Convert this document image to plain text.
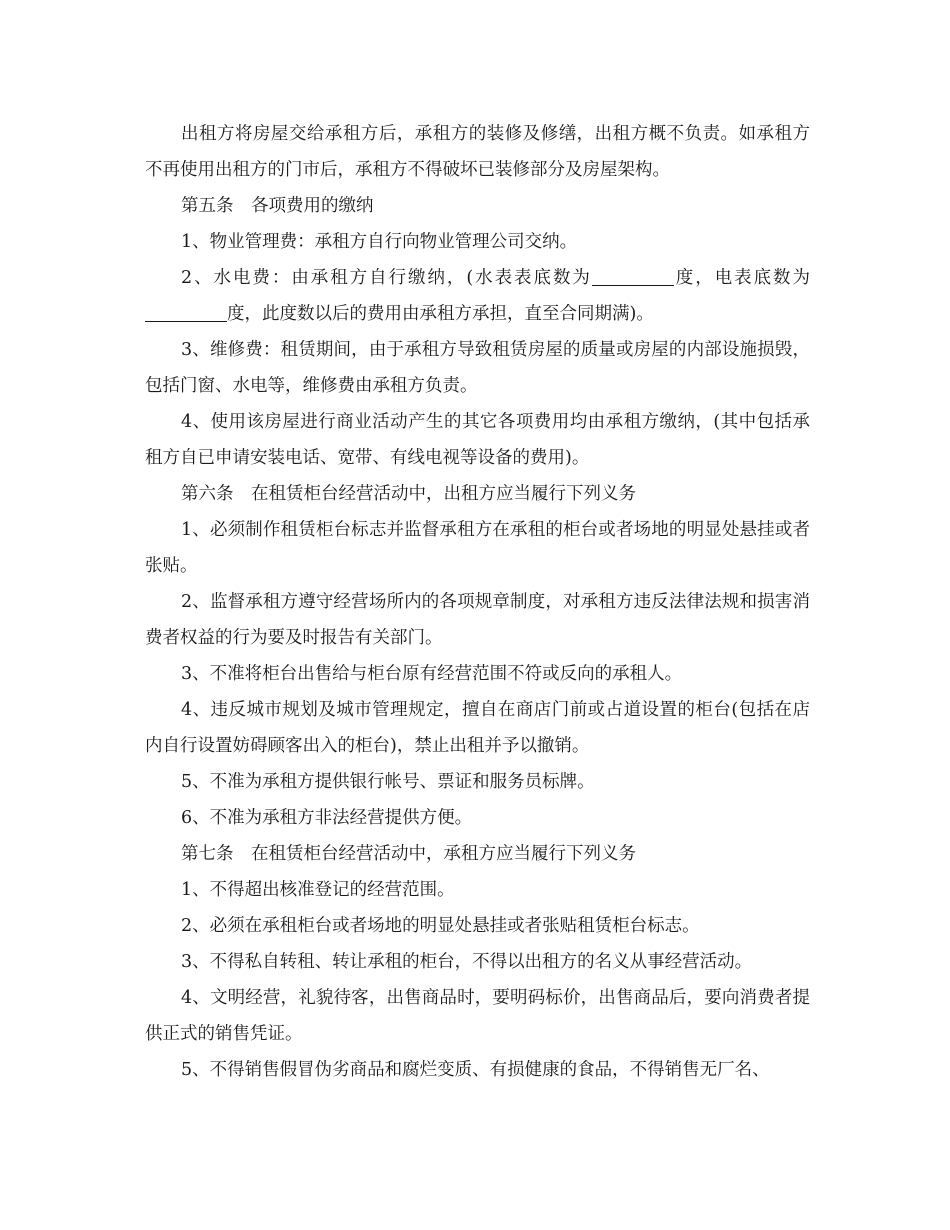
出租方将房屋交给承租方后，承租方的装修及修缮，出租方概不负责。如承租方不再使用出租方的门市后，承租方不得破坏已装修部分及房屋架构。

第五条　各项费用的缴纳

1、物业管理费：承租方自行向物业管理公司交纳。

2、水电费：由承租方自行缴纳，(水表表底数为	度，电表底数为度，此度数以后的费用由承租方承担，直至合同期满)。

3、维修费：租赁期间，由于承租方导致租赁房屋的质量或房屋的内部设施损毁，包括门窗、水电等，维修费由承租方负责。

4、使用该房屋进行商业活动产生的其它各项费用均由承租方缴纳，(其中包括承租方自已申请安装电话、宽带、有线电视等设备的费用)。

第六条　在租赁柜台经营活动中，出租方应当履行下列义务

1、必须制作租赁柜台标志并监督承租方在承租的柜台或者场地的明显处悬挂或者张贴。

2、监督承租方遵守经营场所内的各项规章制度，对承租方违反法律法规和损害消费者权益的行为要及时报告有关部门。

3、不准将柜台出售给与柜台原有经营范围不符或反向的承租人。

4、违反城市规划及城市管理规定，擅自在商店门前或占道设置的柜台(包括在店内自行设置妨碍顾客出入的柜台)，禁止出租并予以撤销。

5、不准为承租方提供银行帐号、票证和服务员标牌。

6、不准为承租方非法经营提供方便。

第七条　在租赁柜台经营活动中，承租方应当履行下列义务

1、不得超出核准登记的经营范围。

2、必须在承租柜台或者场地的明显处悬挂或者张贴租赁柜台标志。

3、不得私自转租、转让承租的柜台，不得以出租方的名义从事经营活动。

4、文明经营，礼貌待客，出售商品时，要明码标价，出售商品后，要向消费者提供正式的销售凭证。

5、不得销售假冒伪劣商品和腐烂变质、有损健康的食品，不得销售无厂名、
